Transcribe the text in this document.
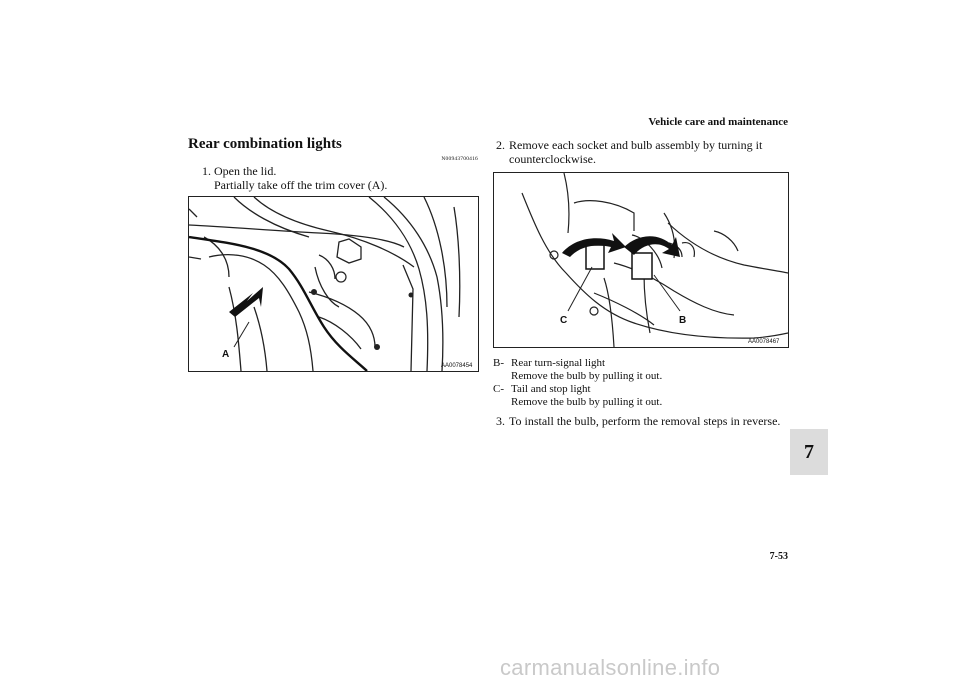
Vehicle care and maintenance
Rear combination lights
N00943700416
1. Open the lid.
Partially take off the trim cover (A).
A
AA0078454
2. Remove each socket and bulb assembly by turning it
counterclockwise.
C	B
AA0078467
B- Rear turn-signal light
Remove the bulb by pulling it out.
C- Tail and stop light
Remove the bulb by pulling it out.
3. To install the bulb, perform the removal steps in reverse.
7
7-53
carmanualsonline.info
